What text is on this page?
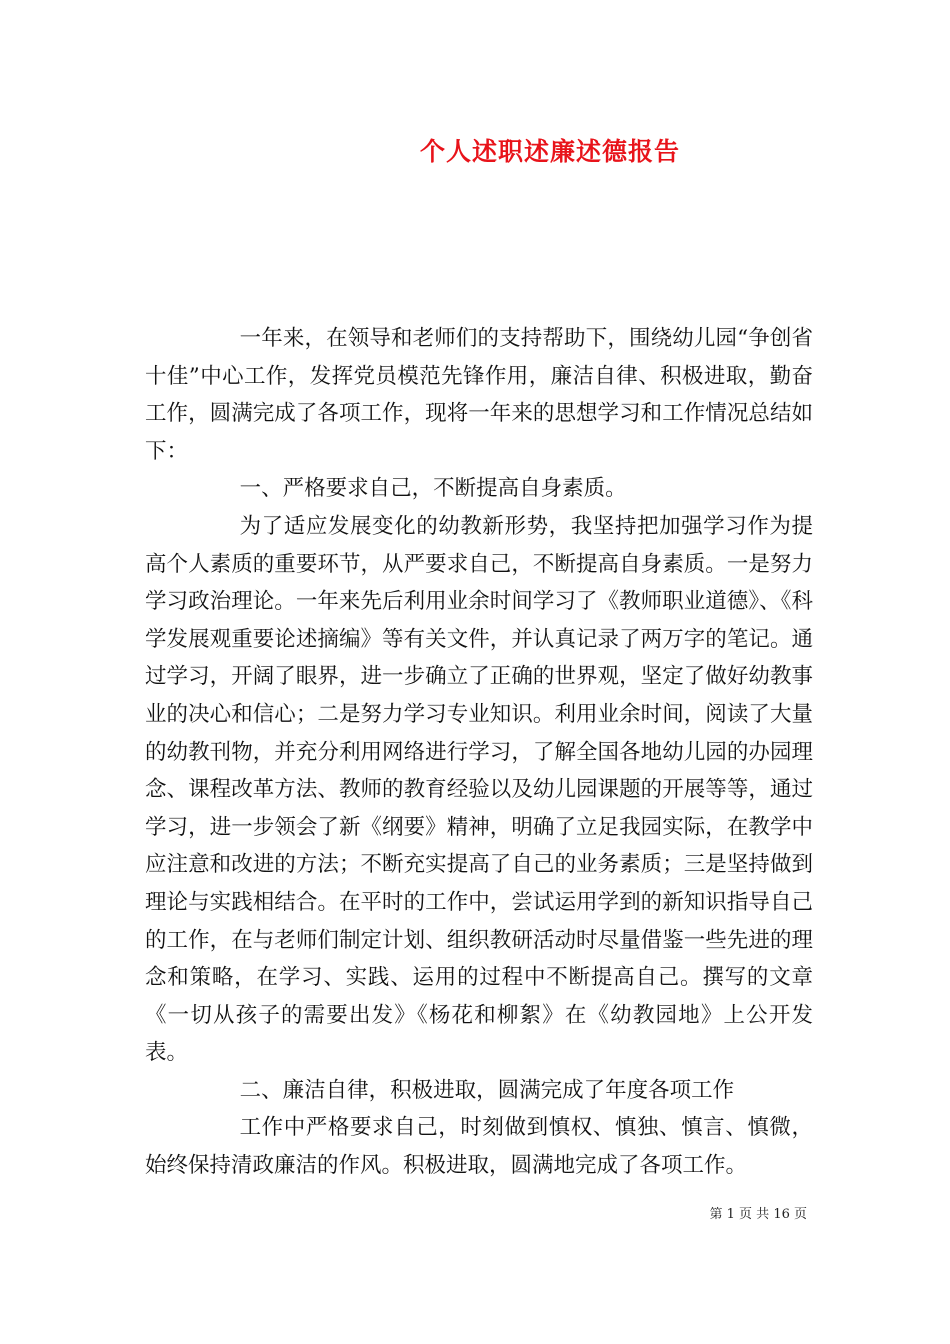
个人述职述廉述德报告

一年来，在领导和老师们的支持帮助下，围绕幼儿园“争创省十佳”中心工作，发挥党员模范先锋作用，廉洁自律、积极进取，勤奋工作，圆满完成了各项工作，现将一年来的思想学习和工作情况总结如下：

一、严格要求自己，不断提高自身素质。

为了适应发展变化的幼教新形势，我坚持把加强学习作为提高个人素质的重要环节，从严要求自己，不断提高自身素质。一是努力学习政治理论。一年来先后利用业余时间学习了《教师职业道德》、《科学发展观重要论述摘编》等有关文件，并认真记录了两万字的笔记。通过学习，开阔了眼界，进一步确立了正确的世界观，坚定了做好幼教事业的决心和信心；二是努力学习专业知识。利用业余时间，阅读了大量的幼教刊物，并充分利用网络进行学习，了解全国各地幼儿园的办园理念、课程改革方法、教师的教育经验以及幼儿园课题的开展等等，通过学习，进一步领会了新《纲要》精神，明确了立足我园实际，在教学中应注意和改进的方法；不断充实提高了自己的业务素质；三是坚持做到理论与实践相结合。在平时的工作中，尝试运用学到的新知识指导自己的工作，在与老师们制定计划、组织教研活动时尽量借鉴一些先进的理念和策略，在学习、实践、运用的过程中不断提高自己。撰写的文章《一切从孩子的需要出发》《杨花和柳絮》在《幼教园地》上公开发表。

二、廉洁自律，积极进取，圆满完成了年度各项工作

工作中严格要求自己，时刻做到慎权、慎独、慎言、慎微，始终保持清政廉洁的作风。积极进取，圆满地完成了各项工作。

第 1 页 共 16 页
